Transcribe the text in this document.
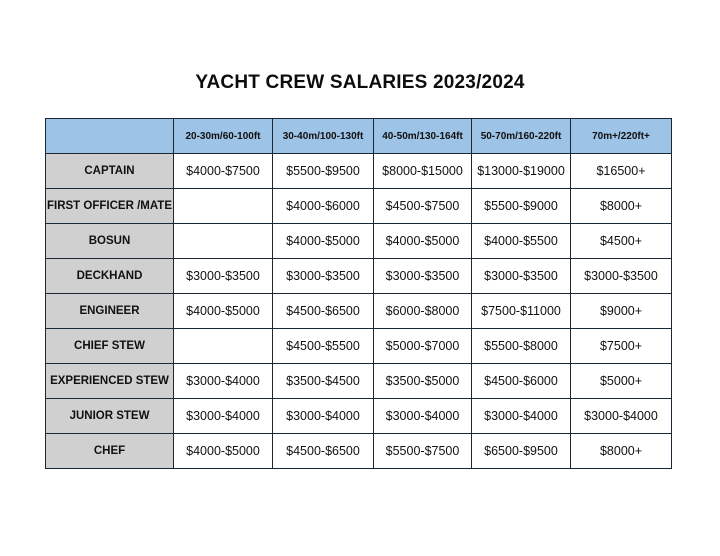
YACHT CREW SALARIES 2023/2024
	20-30m/60-100ft	30-40m/100-130ft	40-50m/130-164ft	50-70m/160-220ft	70m+/220ft+
CAPTAIN	$4000-$7500	$5500-$9500	$8000-$15000	$13000-$19000	$16500+
FIRST OFFICER /MATE		$4000-$6000	$4500-$7500	$5500-$9000	$8000+
BOSUN		$4000-$5000	$4000-$5000	$4000-$5500	$4500+
DECKHAND	$3000-$3500	$3000-$3500	$3000-$3500	$3000-$3500	$3000-$3500
ENGINEER	$4000-$5000	$4500-$6500	$6000-$8000	$7500-$11000	$9000+
CHIEF STEW		$4500-$5500	$5000-$7000	$5500-$8000	$7500+
EXPERIENCED STEW	$3000-$4000	$3500-$4500	$3500-$5000	$4500-$6000	$5000+
JUNIOR STEW	$3000-$4000	$3000-$4000	$3000-$4000	$3000-$4000	$3000-$4000
CHEF	$4000-$5000	$4500-$6500	$5500-$7500	$6500-$9500	$8000+
